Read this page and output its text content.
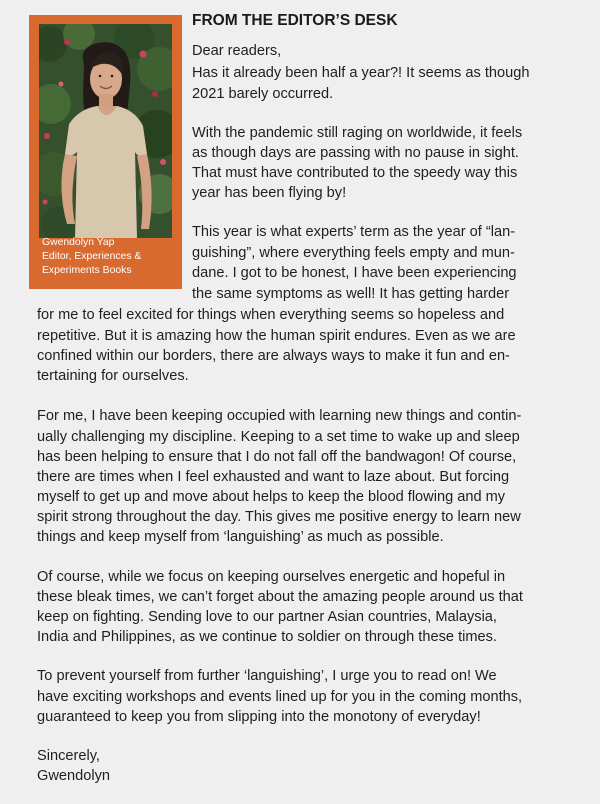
Gwendolyn Yap
Editor, Experiences &
Experiments Books
FROM THE EDITOR’S DESK
Dear readers,
Has it already been half a year?! It seems as though
2021 barely occurred.
With the pandemic still raging on worldwide, it feels
as though days are passing with no pause in sight.
That must have contributed to the speedy way this
year has been flying by!
This year is what experts’ term as the year of “lan-
guishing”, where everything feels empty and mun-
dane. I got to be honest, I have been experiencing
the same symptoms as well! It has getting harder
for me to feel excited for things when everything seems so hopeless and
repetitive. But it is amazing how the human spirit endures. Even as we are
confined within our borders, there are always ways to make it fun and en-
tertaining for ourselves.
For me, I have been keeping occupied with learning new things and contin-
ually challenging my discipline. Keeping to a set time to wake up and sleep
has been helping to ensure that I do not fall off the bandwagon! Of course,
there are times when I feel exhausted and want to laze about. But forcing
myself to get up and move about helps to keep the blood flowing and my
spirit strong throughout the day. This gives me positive energy to learn new
things and keep myself from ‘languishing’ as much as possible.
Of course, while we focus on keeping ourselves energetic and hopeful in
these bleak times, we can’t forget about the amazing people around us that
keep on fighting. Sending love to our partner Asian countries, Malaysia,
India and Philippines, as we continue to soldier on through these times.
To prevent yourself from further ‘languishing’, I urge you to read on! We
have exciting workshops and events lined up for you in the coming months,
guaranteed to keep you from slipping into the monotony of everyday!
Sincerely,
Gwendolyn
